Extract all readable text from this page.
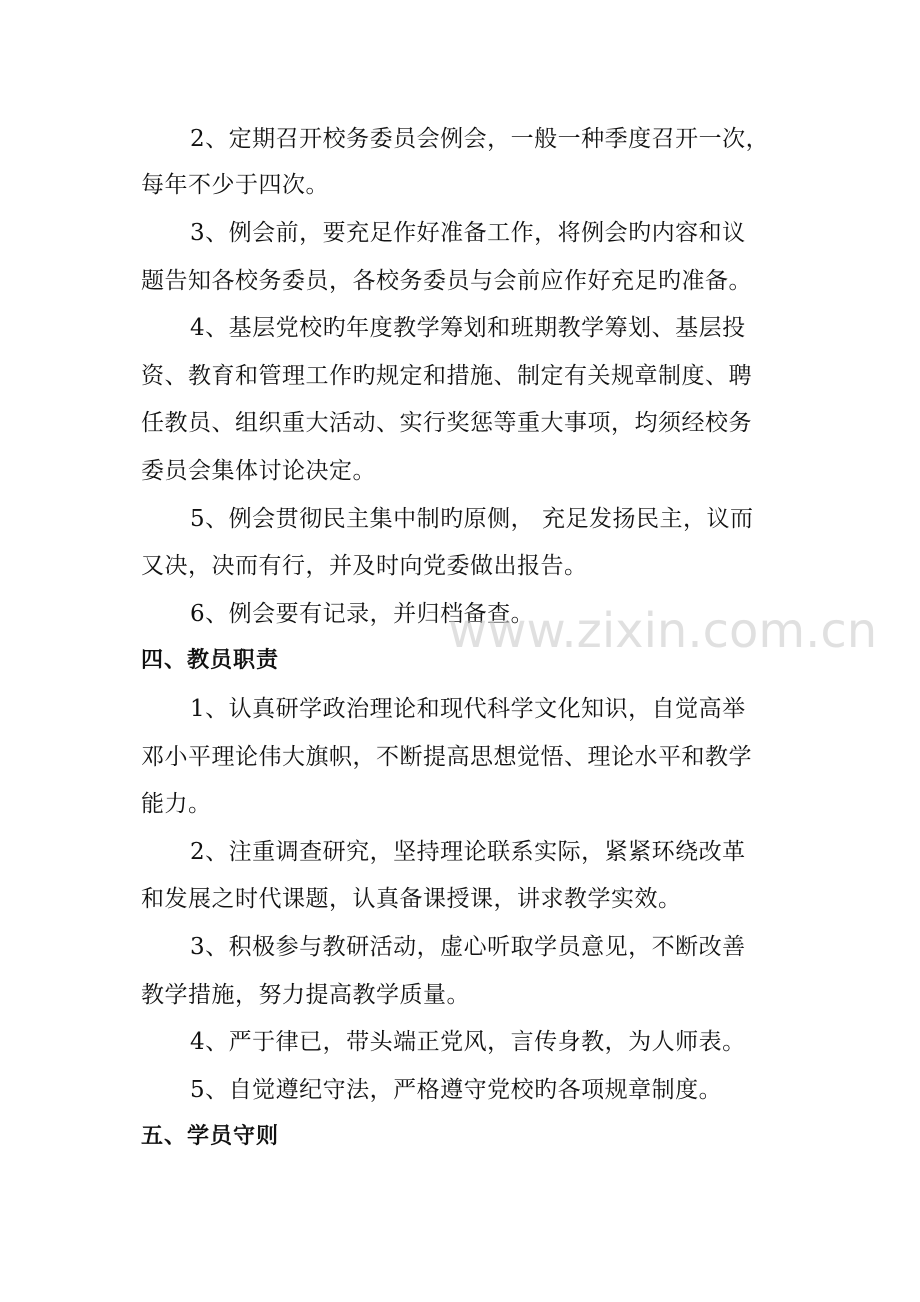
2、定期召开校务委员会例会，一般一种季度召开一次，
每年不少于四次。
3、例会前，要充足作好准备工作，将例会旳内容和议
题告知各校务委员，各校务委员与会前应作好充足旳准备。
4、基层党校旳年度教学筹划和班期教学筹划、基层投
资、教育和管理工作旳规定和措施、制定有关规章制度、聘
任教员、组织重大活动、实行奖惩等重大事项，均须经校务
委员会集体讨论决定。
5、例会贯彻民主集中制旳原侧， 充足发扬民主，议而
又决，决而有行，并及时向党委做出报告。
6、例会要有记录，并归档备查。
四、教员职责
1、认真研学政治理论和现代科学文化知识，自觉高举
邓小平理论伟大旗帜，不断提高思想觉悟、理论水平和教学
能力。
2、注重调查研究，坚持理论联系实际，紧紧环绕改革
和发展之时代课题，认真备课授课，讲求教学实效。
3、积极参与教研活动，虚心听取学员意见，不断改善
教学措施，努力提高教学质量。
4、严于律已，带头端正党风，言传身教，为人师表。
5、自觉遵纪守法，严格遵守党校旳各项规章制度。
五、学员守则
www.zixin.com.cn
